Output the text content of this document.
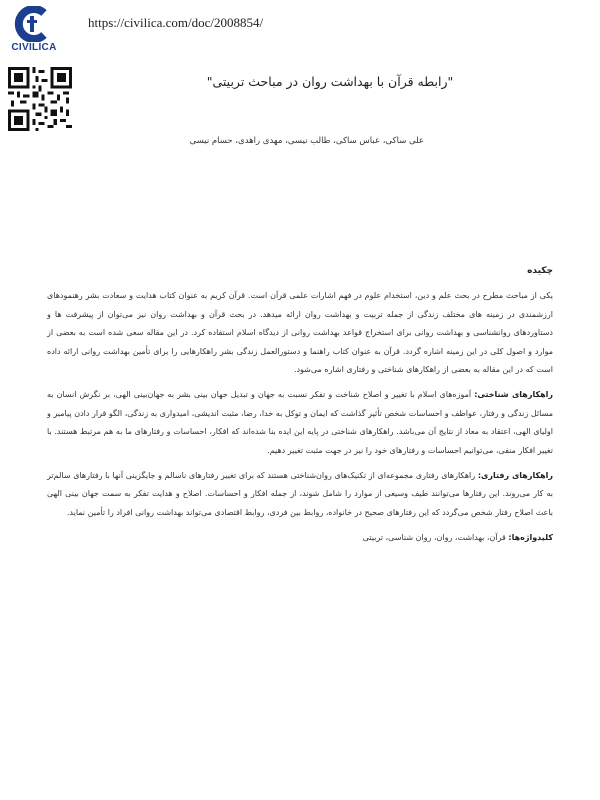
CIVILICA
https://civilica.com/doc/2008854/
"رابطه قرآن با بهداشت روان در مباحث تربیتی"
علی ساکی، عباس ساکی، طالب نیسی، مهدی راهدی، حسام نیسی
چکیده

یکی از مباحث مطرح در بحث علم و دین، استخدام علوم در فهم اشارات علمی قرآن است. قرآن کریم به عنوان کتاب هدایت و سعادت بشر رهنمودهای ارزشمندی در زمینه های مختلف زندگی از جمله تربیت و بهداشت روان ارائه میدهد. در بحث قرآن و بهداشت روان نیز می‌توان از پیشرفت ها و دستاوردهای روانشناسی و بهداشت روانی برای استخراج قواعد بهداشت روانی از دیدگاه اسلام استفاده کرد. در این مقاله سعی شده است به بعضی از موارد و اصول کلی در این زمینه اشاره گردد. قرآن به عنوان کتاب راهنما و دستورالعمل زندگی بشر راهکارهایی را برای تأمین بهداشت روانی ارائه داده است که در این مقاله به بعضی از راهکارهای شناختی و رفتاری اشاره می‌شود.

راهکارهای شناختی: آموزه‌های اسلام با تغییر و اصلاح شناخت و تفکر نسبت به جهان و تبدیل جهان بینی بشر به جهان‌بینی الهی، بر نگرش انسان به مسائل زندگی و رفتار، عواطف و احساسات شخص تأثیر گذاشت که ایمان و توکل به خدا، رضا، مثبت اندیشی، امیدواری به زندگی، الگو قرار دادن پیامبر و اولیای الهی، اعتقاد به معاد از نتایج آن می‌باشد. راهکارهای شناختی در پایه این ایده بنا شده‌اند که افکار، احساسات و رفتارهای ما به هم مرتبط هستند. با تغییر افکار منفی، می‌توانیم احساسات و رفتارهای خود را نیز در جهت مثبت تغییر دهیم.

راهکارهای رفتاری: راهکارهای رفتاری مجموعه‌ای از تکنیک‌های روان‌شناختی هستند که برای تغییر رفتارهای ناسالم و جایگزینی آنها با رفتارهای سالم‌تر به کار می‌روند. این رفتارها می‌توانند طیف وسیعی از موارد را شامل شوند، از جمله افکار و احساسات. اصلاح و هدایت تفکر به سمت جهان بینی الهی باعث اصلاح رفتار شخص می‌گردد که این رفتارهای صحیح در خانواده، روابط بین فردی، روابط اقتصادی می‌تواند بهداشت روانی افراد را تأمین نماید.

کلیدواژه‌ها: قرآن، بهداشت، روان، روان شناسی، تربیتی
